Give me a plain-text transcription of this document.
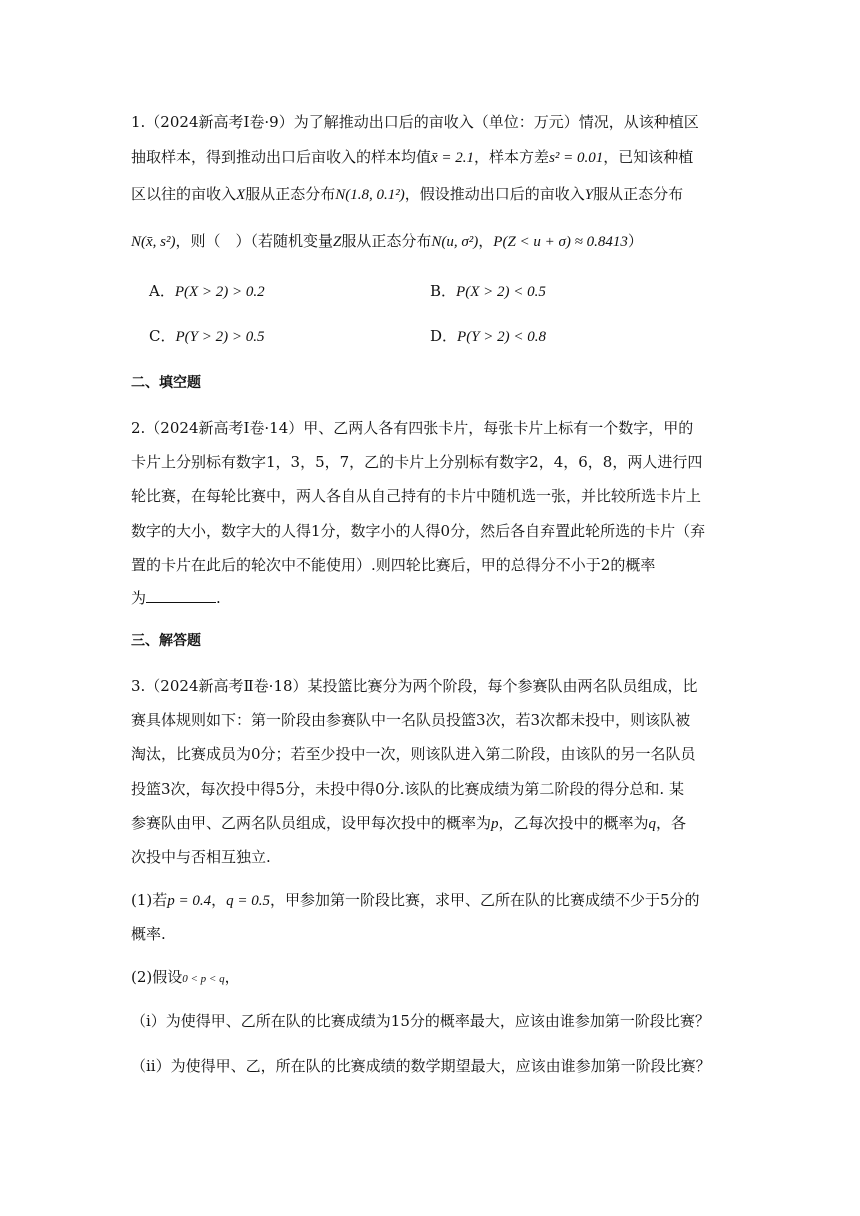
1.（2024新高考Ⅰ卷·9）为了解推动出口后的亩收入（单位：万元）情况，从该种植区
抽取样本，得到推动出口后亩收入的样本均值x̄ = 2.1，样本方差s² = 0.01，已知该种植
区以往的亩收入X服从正态分布N(1.8, 0.1²)，假设推动出口后的亩收入Y服从正态分布
N(x̄, s²)，则（　）（若随机变量Z服从正态分布N(u, σ²)，P(Z < u + σ) ≈ 0.8413）
A．P(X > 2) > 0.2	B．P(X > 2) < 0.5
C．P(Y > 2) > 0.5	D．P(Y > 2) < 0.8
二、填空题
2.（2024新高考Ⅰ卷·14）甲、乙两人各有四张卡片，每张卡片上标有一个数字，甲的
卡片上分别标有数字1，3，5，7，乙的卡片上分别标有数字2，4，6，8，两人进行四
轮比赛，在每轮比赛中，两人各自从自己持有的卡片中随机选一张，并比较所选卡片上
数字的大小，数字大的人得1分，数字小的人得0分，然后各自弃置此轮所选的卡片（弃
置的卡片在此后的轮次中不能使用）.则四轮比赛后，甲的总得分不小于2的概率
为	.
三、解答题
3.（2024新高考Ⅱ卷·18）某投篮比赛分为两个阶段，每个参赛队由两名队员组成，比
赛具体规则如下：第一阶段由参赛队中一名队员投篮3次，若3次都未投中，则该队被
淘汰，比赛成员为0分；若至少投中一次，则该队进入第二阶段，由该队的另一名队员
投篮3次，每次投中得5分，未投中得0分.该队的比赛成绩为第二阶段的得分总和. 某
参赛队由甲、乙两名队员组成，设甲每次投中的概率为p，乙每次投中的概率为q，各
次投中与否相互独立.
(1)若p = 0.4，q = 0.5，甲参加第一阶段比赛，求甲、乙所在队的比赛成绩不少于5分的
概率.
(2)假设0 < p < q，
（i）为使得甲、乙所在队的比赛成绩为15分的概率最大，应该由谁参加第一阶段比赛？
（ii）为使得甲、乙，所在队的比赛成绩的数学期望最大，应该由谁参加第一阶段比赛？
